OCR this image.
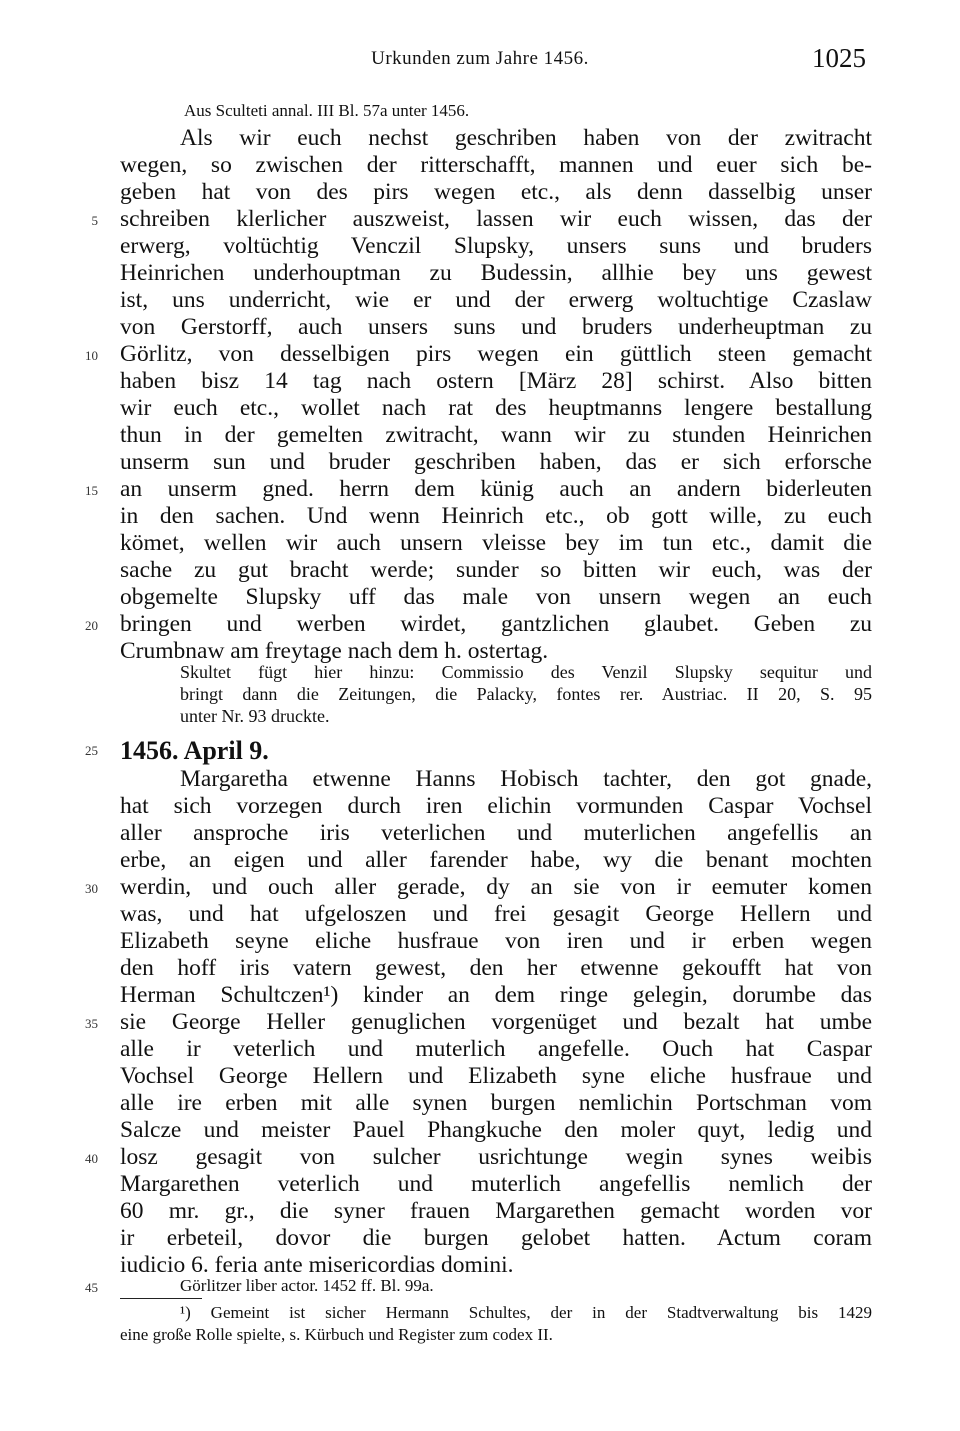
Urkunden zum Jahre 1456.	1025
Aus Sculteti annal. III Bl. 57a unter 1456.
Als wir euch nechst geschriben haben von der zwitracht
wegen, so zwischen der ritterschafft, mannen und euer sich be-
geben hat von des pirs wegen etc., als denn dasselbig unser
schreiben klerlicher auszweist, lassen wir euch wissen, das der
erwerg, voltüchtig Venczil Slupsky, unsers suns und bruders
Heinrichen underhouptman zu Budessin, allhie bey uns gewest
ist, uns underricht, wie er und der erwerg woltuchtige Czaslaw
von Gerstorff, auch unsers suns und bruders underheuptman zu
Görlitz, von desselbigen pirs wegen ein güttlich steen gemacht
haben bisz 14 tag nach ostern [März 28] schirst. Also bitten
wir euch etc., wollet nach rat des heuptmanns lengere bestallung
thun in der gemelten zwitracht, wann wir zu stunden Heinrichen
unserm sun und bruder geschriben haben, das er sich erforsche
an unserm gned. herrn dem künig auch an andern biderleuten
in den sachen. Und wenn Heinrich etc., ob gott wille, zu euch
kömet, wellen wir auch unsern vleisse bey im tun etc., damit die
sache zu gut bracht werde; sunder so bitten wir euch, was der
obgemelte Slupsky uff das male von unsern wegen an euch
bringen und werben wirdet, gantzlichen glaubet. Geben zu
Crumbnaw am freytage nach dem h. ostertag.
Skultet fügt hier hinzu: Commissio des Venzil Slupsky sequitur und
bringt dann die Zeitungen, die Palacky, fontes rer. Austriac. II 20, S. 95
unter Nr. 93 druckte.
1456. April 9.
Margaretha etwenne Hanns Hobisch tachter, den got gnade,
hat sich vorzegen durch iren elichin vormunden Caspar Vochsel
aller ansproche iris veterlichen und muterlichen angefellis an
erbe, an eigen und aller farender habe, wy die benant mochten
werdin, und ouch aller gerade, dy an sie von ir eemuter komen
was, und hat ufgeloszen und frei gesagit George Hellern und
Elizabeth seyne eliche husfraue von iren und ir erben wegen
den hoff iris vatern gewest, den her etwenne gekoufft hat von
Herman Schultczen¹) kinder an dem ringe gelegin, dorumbe das
sie George Heller genuglichen vorgenüget und bezalt hat umbe
alle ir veterlich und muterlich angefelle. Ouch hat Caspar
Vochsel George Hellern und Elizabeth syne eliche husfraue und
alle ire erben mit alle synen burgen nemlichin Portschman vom
Salcze und meister Pauel Phangkuche den moler quyt, ledig und
losz gesagit von sulcher usrichtunge wegin synes weibis
Margarethen veterlich und muterlich angefellis nemlich der
60 mr. gr., die syner frauen Margarethen gemacht worden vor
ir erbeteil, dovor die burgen gelobet hatten. Actum coram
iudicio 6. feria ante misericordias domini.
Görlitzer liber actor. 1452 ff. Bl. 99a.
¹) Gemeint ist sicher Hermann Schultes, der in der Stadtverwaltung bis 1429
eine große Rolle spielte, s. Kürbuch und Register zum codex II.
5
10
15
20
25
30
35
40
45
